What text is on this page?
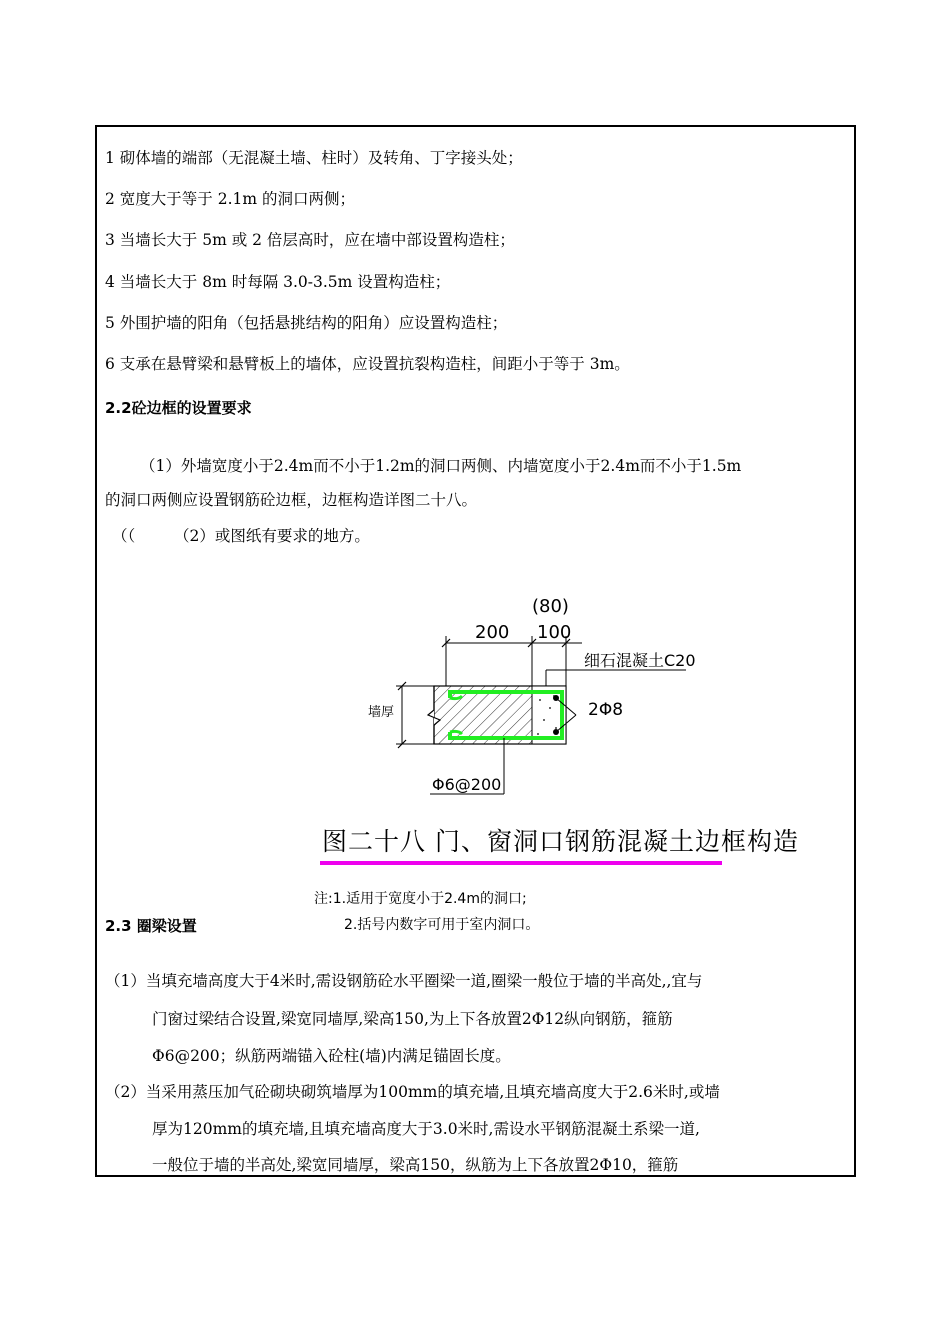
1 砌体墙的端部（无混凝土墙、柱时）及转角、丁字接头处；
2 宽度大于等于 2.1m 的洞口两侧；
3 当墙长大于 5m 或 2 倍层高时，应在墙中部设置构造柱；
4 当墙长大于 8m 时每隔 3.0-3.5m 设置构造柱；
5 外围护墙的阳角（包括悬挑结构的阳角）应设置构造柱；
6 支承在悬臂梁和悬臂板上的墙体，应设置抗裂构造柱，间距小于等于 3m。
2.2砼边框的设置要求
（1）外墙宽度小于2.4m而不小于1.2m的洞口两侧、内墙宽度小于2.4m而不小于1.5m
的洞口两侧应设置钢筋砼边框，边框构造详图二十八。
（（　　　（2）或图纸有要求的地方。
(80)
200 100
细石混凝土C20
墙厚	2Φ8
Φ6@200
图二十八 门、窗洞口钢筋混凝土边框构造
注:1.适用于宽度小于2.4m的洞口;
2.括号内数字可用于室内洞口。
2.3 圈梁设置
（1）当填充墙高度大于4米时,需设钢筋砼水平圈梁一道,圈梁一般位于墙的半高处,,宜与
门窗过梁结合设置,梁宽同墙厚,梁高150,为上下各放置2Φ12纵向钢筋，箍筋
Φ6@200；纵筋两端锚入砼柱(墙)内满足锚固长度。
（2）当采用蒸压加气砼砌块砌筑墙厚为100mm的填充墙,且填充墙高度大于2.6米时,或墙
厚为120mm的填充墙,且填充墙高度大于3.0米时,需设水平钢筋混凝土系梁一道,
一般位于墙的半高处,梁宽同墙厚，梁高150，纵筋为上下各放置2Φ10，箍筋
